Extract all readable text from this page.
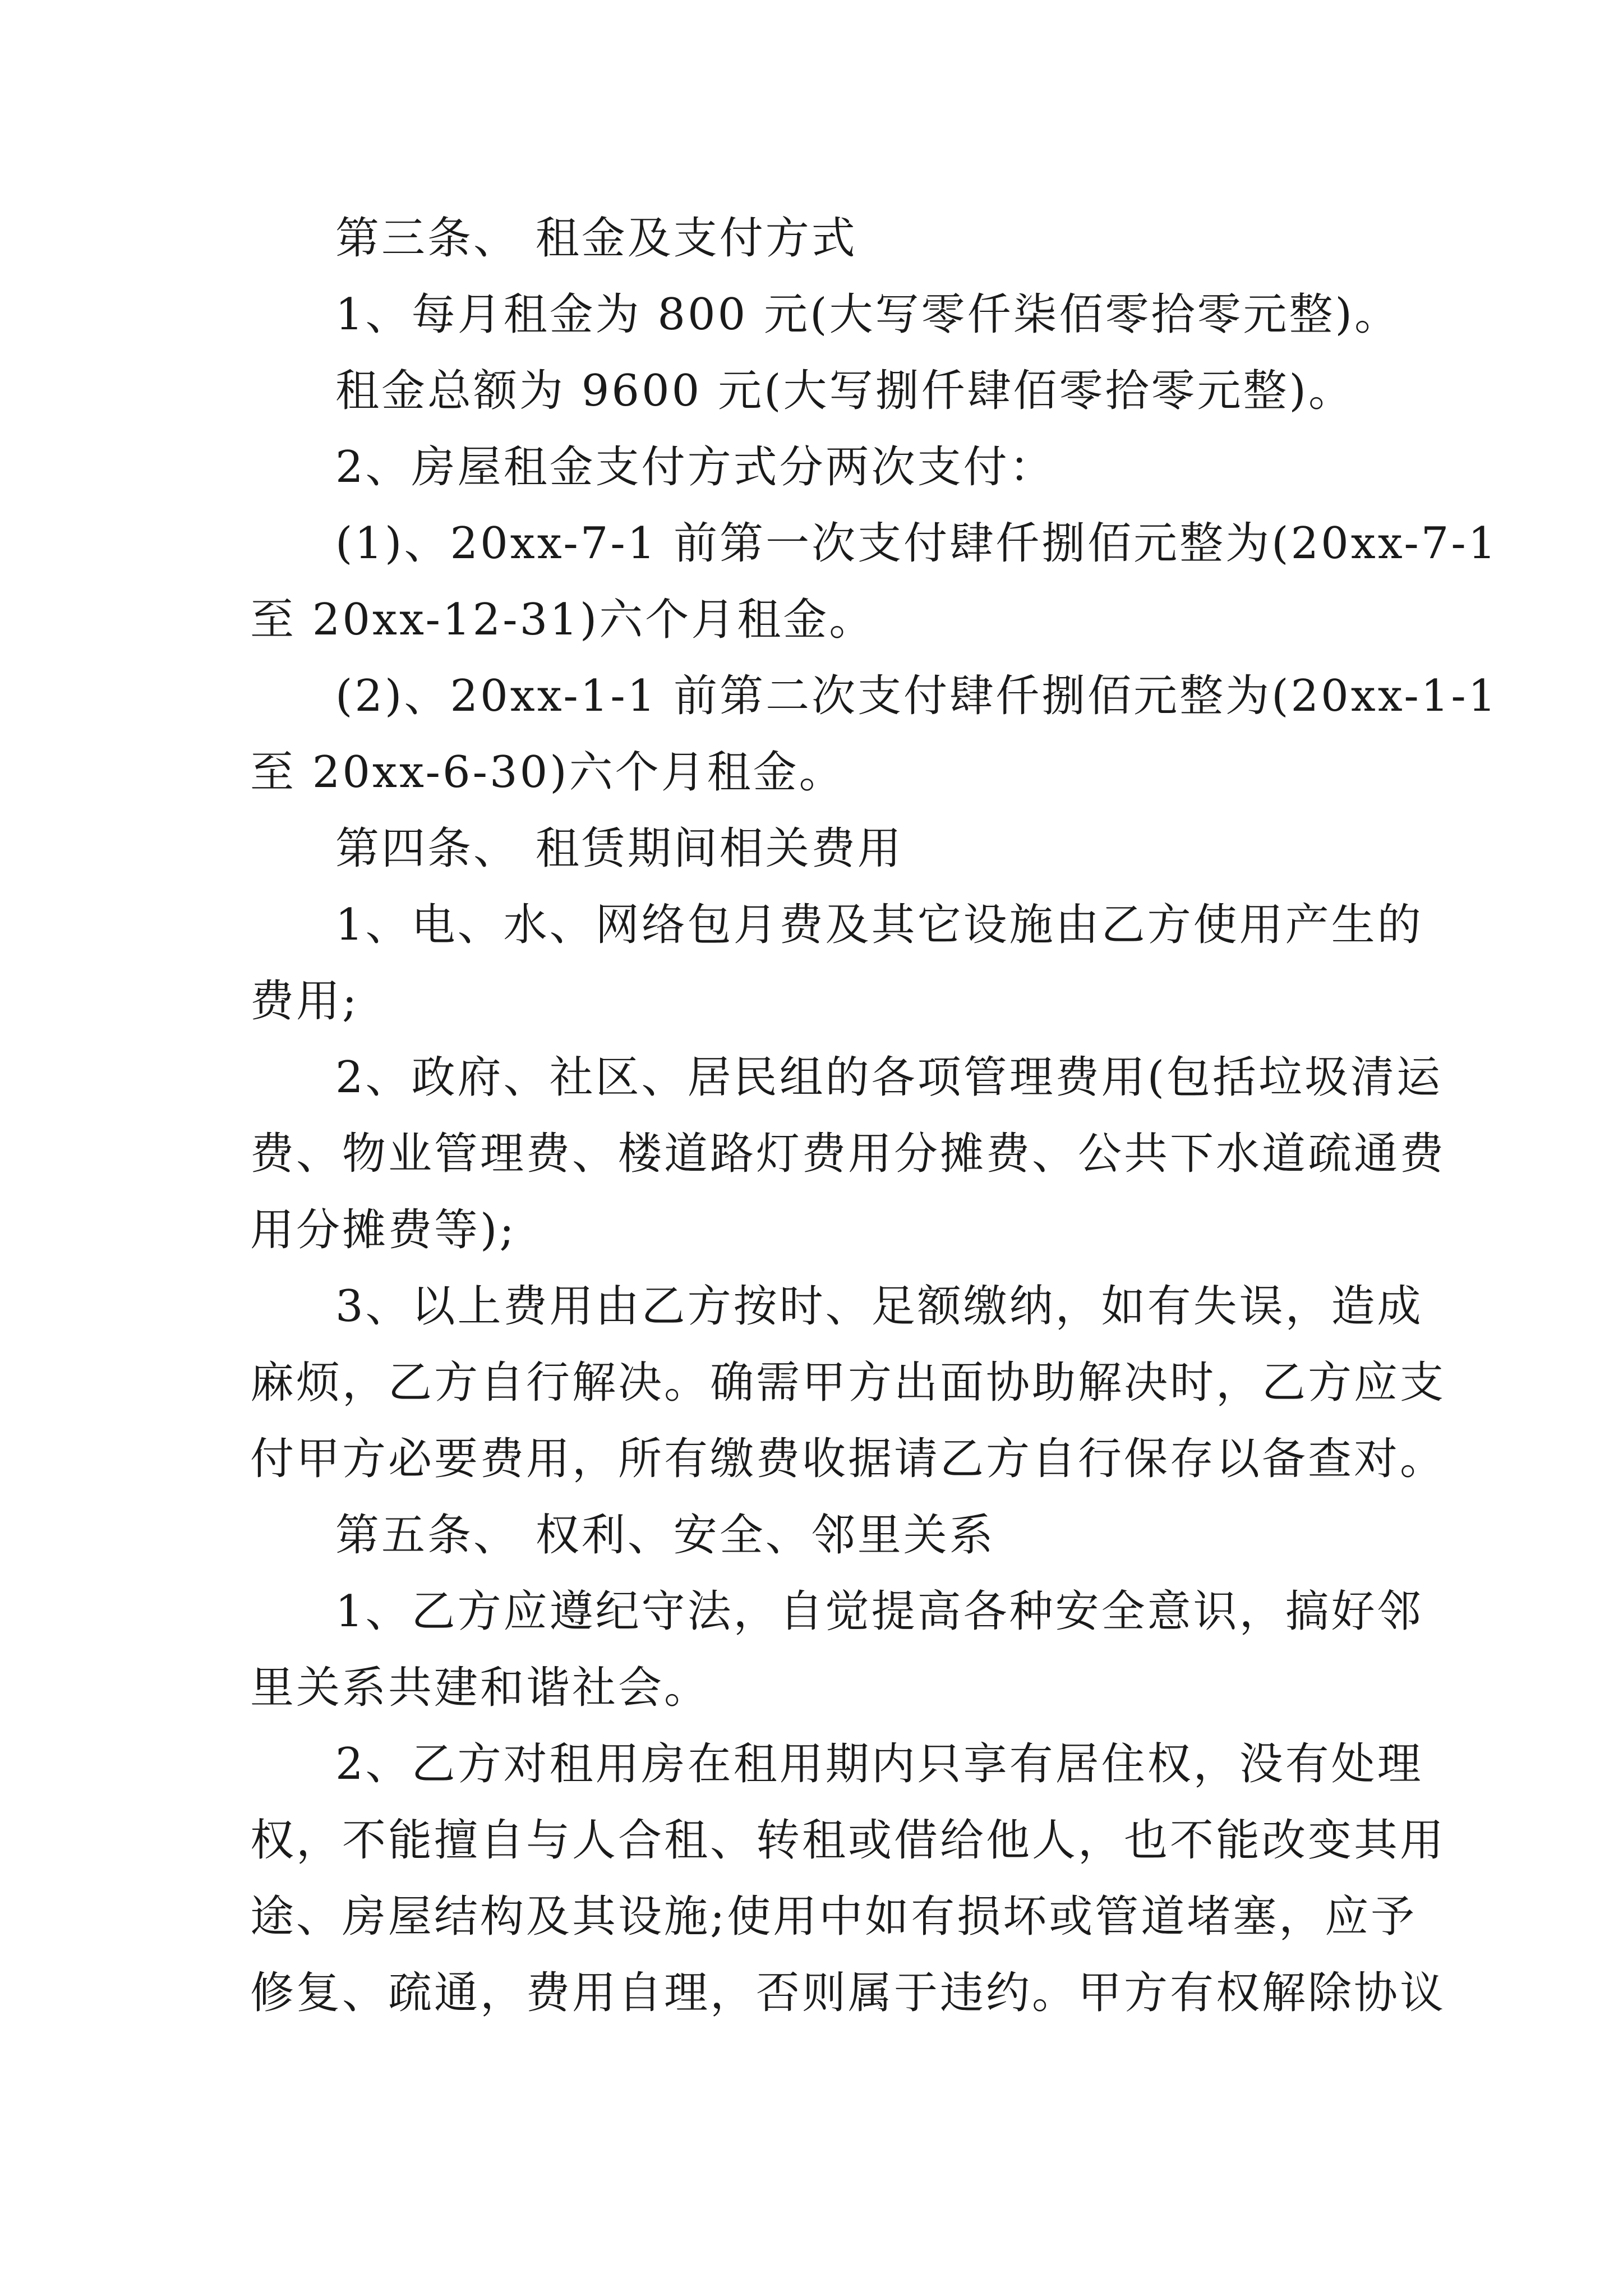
第三条、 租金及支付方式
1、每月租金为 800 元(大写零仟柒佰零拾零元整)。
租金总额为 9600 元(大写捌仟肆佰零拾零元整)。
2、房屋租金支付方式分两次支付：
(1)、20xx-7-1 前第一次支付肆仟捌佰元整为(20xx-7-1
至 20xx-12-31)六个月租金。
(2)、20xx-1-1 前第二次支付肆仟捌佰元整为(20xx-1-1
至 20xx-6-30)六个月租金。
第四条、 租赁期间相关费用
1、电、水、网络包月费及其它设施由乙方使用产生的
费用;
2、政府、社区、居民组的各项管理费用(包括垃圾清运
费、物业管理费、楼道路灯费用分摊费、公共下水道疏通费
用分摊费等);
3、以上费用由乙方按时、足额缴纳，如有失误，造成
麻烦，乙方自行解决。确需甲方出面协助解决时，乙方应支
付甲方必要费用，所有缴费收据请乙方自行保存以备查对。
第五条、 权利、安全、邻里关系
1、乙方应遵纪守法，自觉提高各种安全意识，搞好邻
里关系共建和谐社会。
2、乙方对租用房在租用期内只享有居住权，没有处理
权，不能擅自与人合租、转租或借给他人，也不能改变其用
途、房屋结构及其设施;使用中如有损坏或管道堵塞，应予
修复、疏通，费用自理，否则属于违约。甲方有权解除协议
